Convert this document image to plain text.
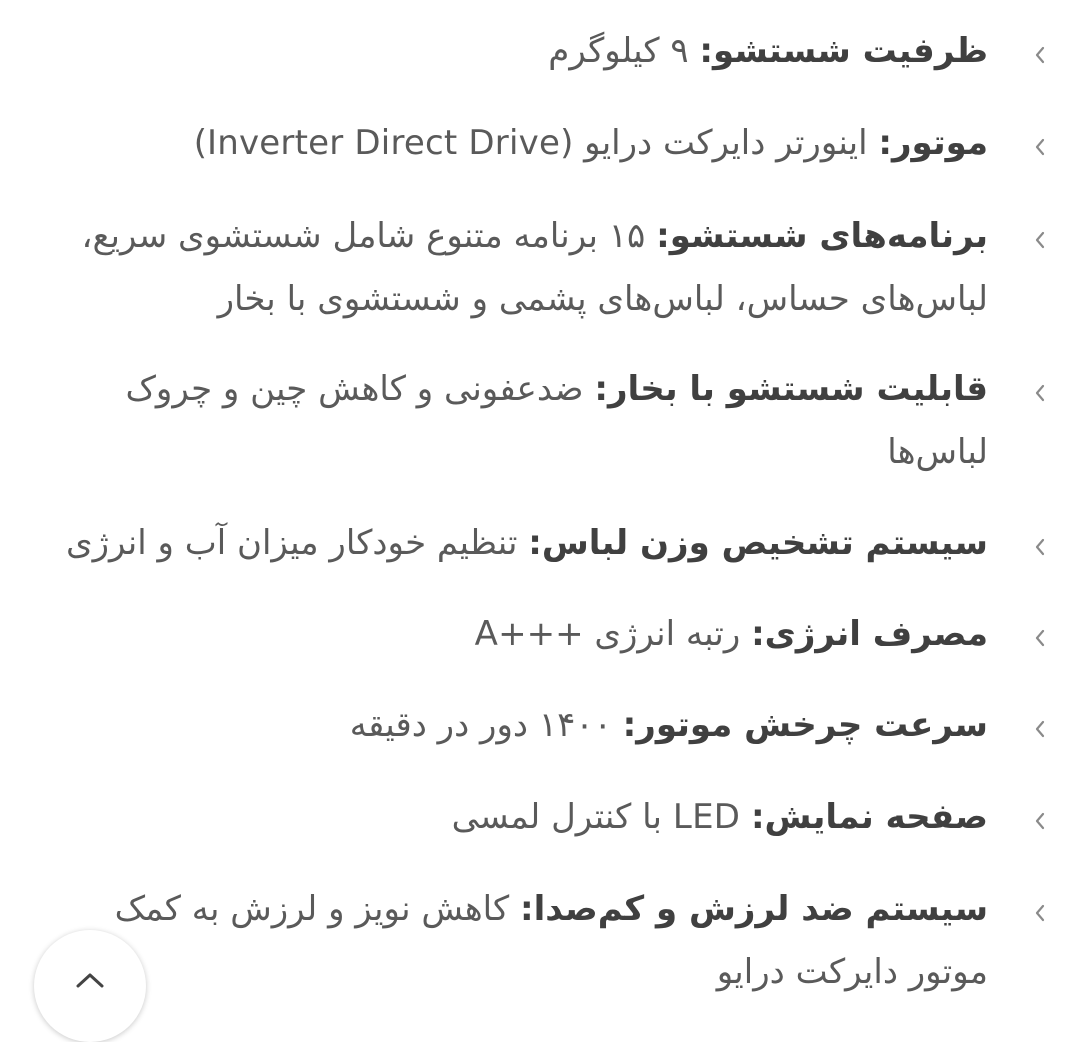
ظرفیت شستشو: ۹ کیلوگرم
موتور: اینورتر دایرکت درایو (Inverter Direct Drive)
برنامه‌های شستشو: ۱۵ برنامه متنوع شامل شستشوی سریع، لباس‌های حساس، لباس‌های پشمی و شستشوی با بخار
قابلیت شستشو با بخار: ضدعفونی و کاهش چین و چروک لباس‌ها
سیستم تشخیص وزن لباس: تنظیم خودکار میزان آب و انرژی
مصرف انرژی: رتبه انرژی +++A
سرعت چرخش موتور: ۱۴۰۰ دور در دقیقه
صفحه نمایش: LED با کنترل لمسی
سیستم ضد لرزش و کم‌صدا: کاهش نویز و لرزش به کمک موتور دایرکت درایو
